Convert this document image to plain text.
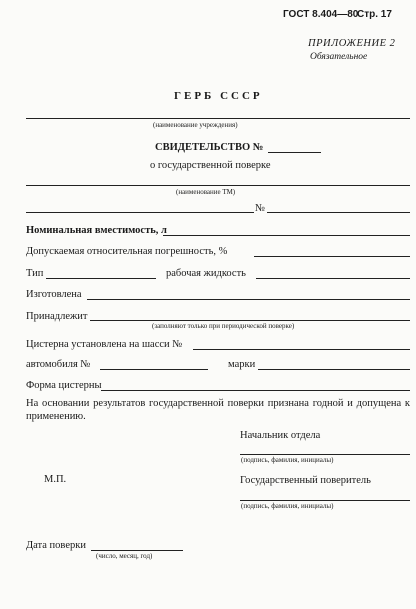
ГОСТ 8.404—80
Стр. 17
ПРИЛОЖЕНИЕ 2
Обязательное
ГЕРБ СССР
(наименование учреждения)
СВИДЕТЕЛЬСТВО №
о государственной поверке
(наименование ТМ)
№
Номинальная вместимость, л
Допускаемая относительная погрешность, %
Тип	рабочая жидкость
Изготовлена
Принадлежит
(заполняют только при периодической поверке)
Цистерна установлена на шасси №
автомобиля №	марки
Форма цистерны
На основании результатов государственной поверки признана годной и допущена к применению.
Начальник отдела
(подпись, фамилия, инициалы)
М.П.	Государственный поверитель
(подпись, фамилия, инициалы)
Дата поверки
(число, месяц, год)
